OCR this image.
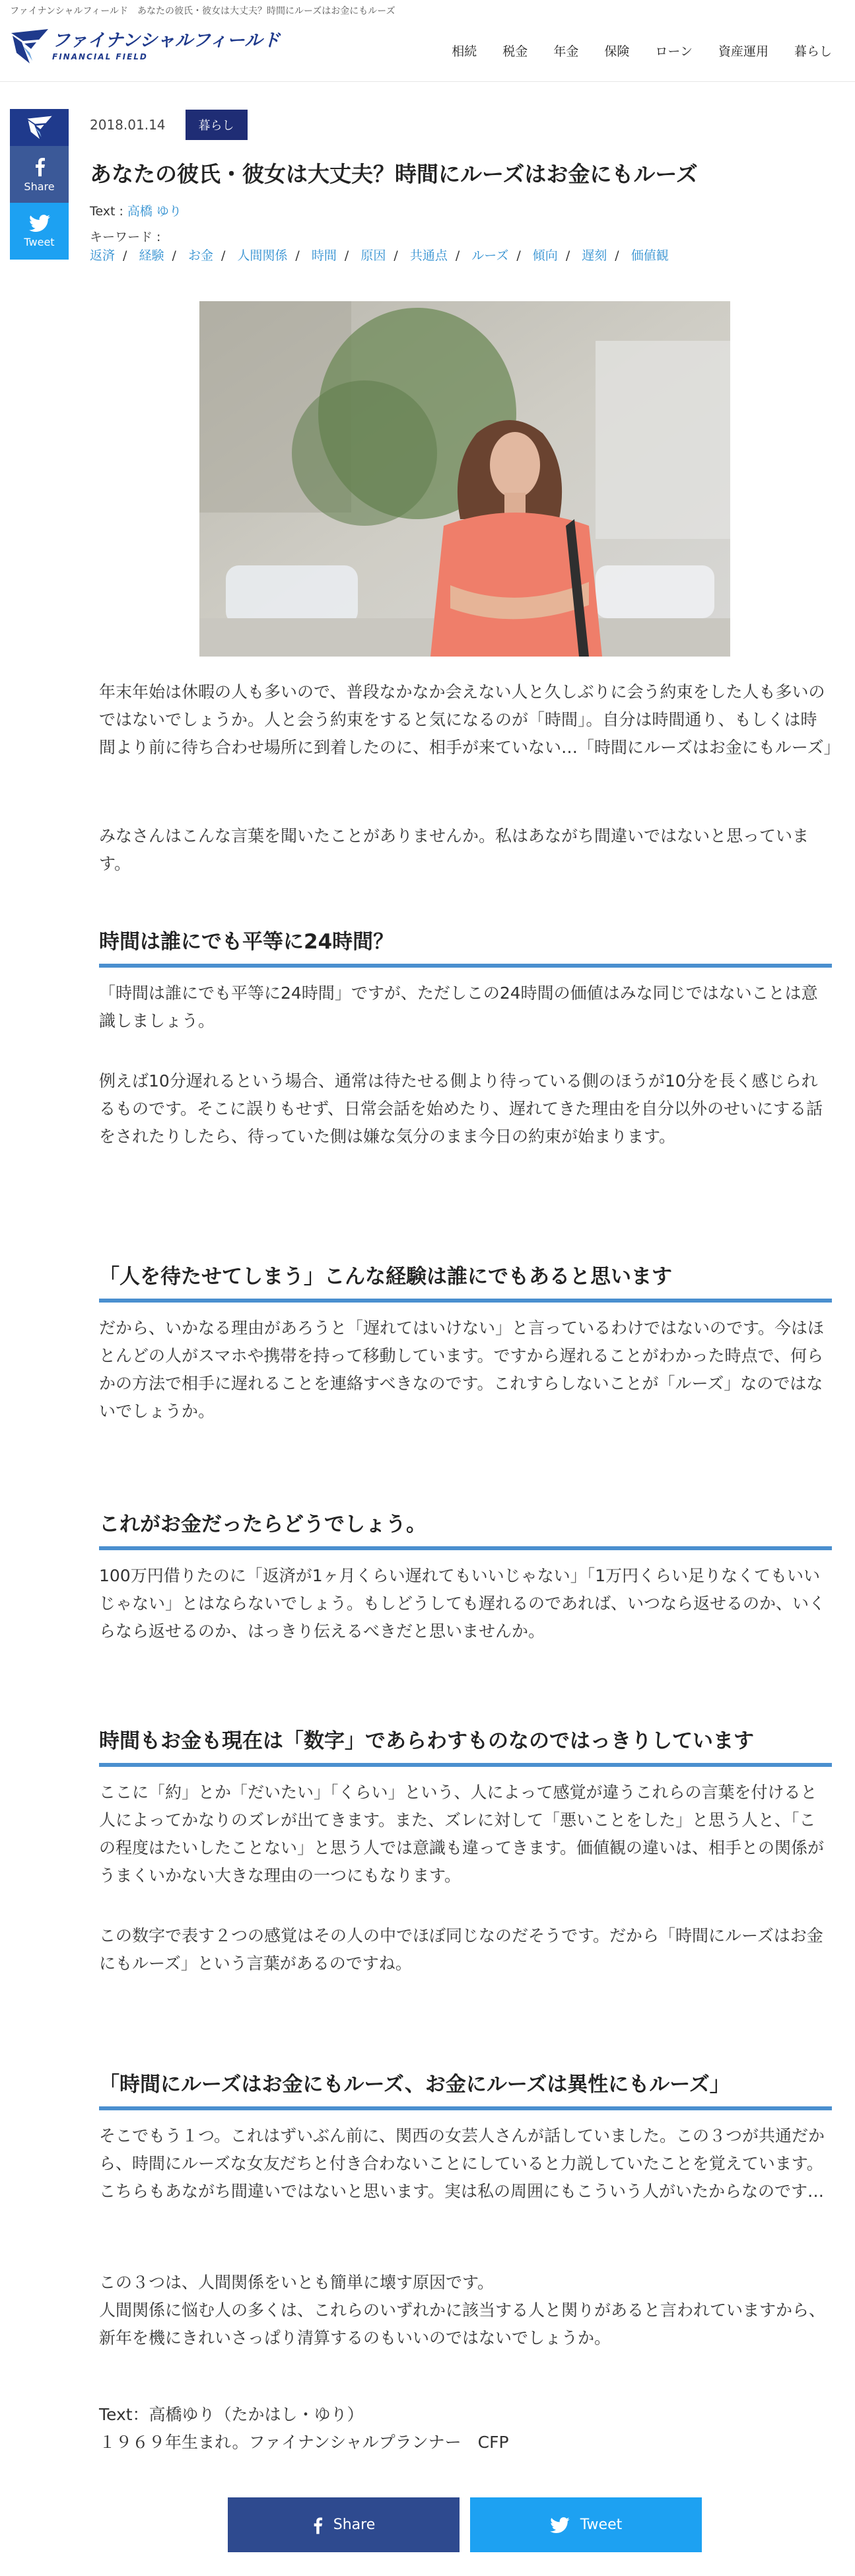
ファイナンシャルフィールド　あなたの彼氏・彼女は大丈夫？時間にルーズはお金にもルーズ
ファイナンシャルフィールド
FINANCIAL FIELD	相続 税金 年金 保険 ローン 資産運用 暮らし
Share
Tweet
2018.01.14	暮らし
あなたの彼氏・彼女は大丈夫？時間にルーズはお金にもルーズ
Text : 高橋 ゆり
キーワード :
返済 / 経験 / お金 / 人間関係 / 時間 / 原因 / 共通点 / ルーズ / 傾向 / 遅刻 / 価値観

年末年始は休暇の人も多いので、普段なかなか会えない人と久しぶりに会う約束をした人も多いのではないでしょうか。人と会う約束をすると気になるのが「時間」。自分は時間通り、もしくは時間より前に待ち合わせ場所に到着したのに、相手が来ていない…「時間にルーズはお金にもルーズ」

みなさんはこんな言葉を聞いたことがありませんか。私はあながち間違いではないと思っています。

時間は誰にでも平等に24時間？

「時間は誰にでも平等に24時間」ですが、ただしこの24時間の価値はみな同じではないことは意識しましょう。

例えば10分遅れるという場合、通常は待たせる側より待っている側のほうが10分を長く感じられるものです。そこに誤りもせず、日常会話を始めたり、遅れてきた理由を自分以外のせいにする話をされたりしたら、待っていた側は嫌な気分のまま今日の約束が始まります。

「人を待たせてしまう」こんな経験は誰にでもあると思います

だから、いかなる理由があろうと「遅れてはいけない」と言っているわけではないのです。今はほとんどの人がスマホや携帯を持って移動しています。ですから遅れることがわかった時点で、何らかの方法で相手に遅れることを連絡すべきなのです。これすらしないことが「ルーズ」なのではないでしょうか。

これがお金だったらどうでしょう。

100万円借りたのに「返済が1ヶ月くらい遅れてもいいじゃない」「1万円くらい足りなくてもいいじゃない」とはならないでしょう。もしどうしても遅れるのであれば、いつなら返せるのか、いくらなら返せるのか、はっきり伝えるべきだと思いませんか。

時間もお金も現在は「数字」であらわすものなのではっきりしています

ここに「約」とか「だいたい」「くらい」という、人によって感覚が違うこれらの言葉を付けると人によってかなりのズレが出てきます。また、ズレに対して「悪いことをした」と思う人と、「この程度はたいしたことない」と思う人では意識も違ってきます。価値観の違いは、相手との関係がうまくいかない大きな理由の一つにもなります。

この数字で表す２つの感覚はその人の中でほぼ同じなのだそうです。だから「時間にルーズはお金にもルーズ」という言葉があるのですね。

「時間にルーズはお金にもルーズ、お金にルーズは異性にもルーズ」

そこでもう１つ。これはずいぶん前に、関西の女芸人さんが話していました。この３つが共通だから、時間にルーズな女友だちと付き合わないことにしていると力説していたことを覚えています。こちらもあながち間違いではないと思います。実は私の周囲にもこういう人がいたからなのです…

この３つは、人間関係をいとも簡単に壊す原因です。
人間関係に悩む人の多くは、これらのいずれかに該当する人と関りがあると言われていますから、新年を機にきれいさっぱり清算するのもいいのではないでしょうか。

Text：高橋ゆり（たかはし・ゆり）

１９６９年生まれ。ファイナンシャルプランナー　CFP

Share	Tweet
